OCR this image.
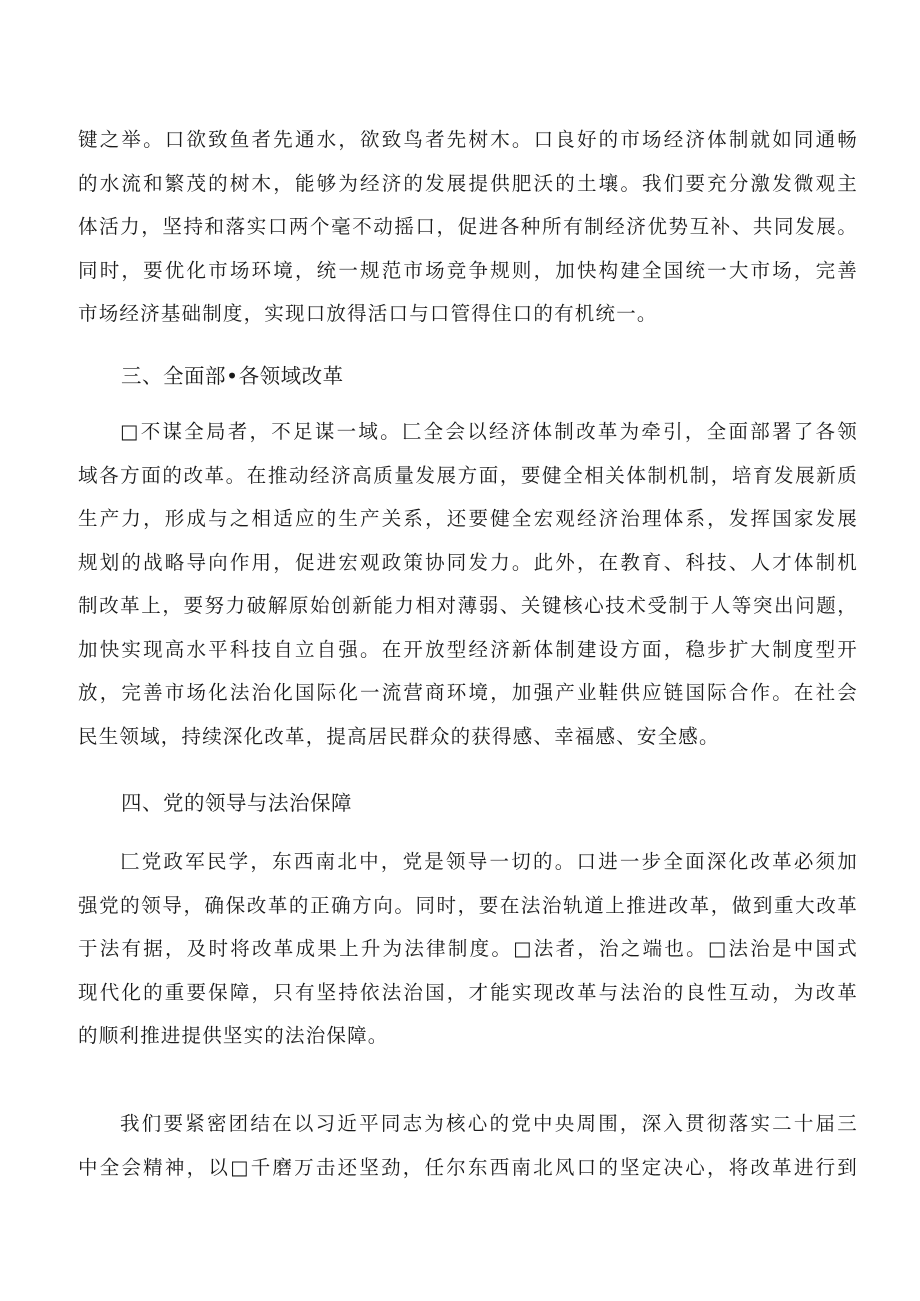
键之举。口欲致鱼者先通水，欲致鸟者先树木。口良好的市场经济体制就如同通畅
的水流和繁茂的树木，能够为经济的发展提供肥沃的土壤。我们要充分激发微观主
体活力，坚持和落实口两个毫不动摇口，促进各种所有制经济优势互补、共同发展。
同时，要优化市场环境，统一规范市场竞争规则，加快构建全国统一大市场，完善
市场经济基础制度，实现口放得活口与口管得住口的有机统一。
三、全面部•各领域改革
□不谋全局者，不足谋一域。匚全会以经济体制改革为牵引，全面部署了各领
域各方面的改革。在推动经济高质量发展方面，要健全相关体制机制，培育发展新质
生产力，形成与之相适应的生产关系，还要健全宏观经济治理体系，发挥国家发展
规划的战略导向作用，促进宏观政策协同发力。此外，在教育、科技、人才体制机
制改革上，要努力破解原始创新能力相对薄弱、关键核心技术受制于人等突出问题，
加快实现高水平科技自立自强。在开放型经济新体制建设方面，稳步扩大制度型开
放，完善市场化法治化国际化一流营商环境，加强产业鞋供应链国际合作。在社会
民生领域，持续深化改革，提高居民群众的获得感、幸福感、安全感。
四、党的领导与法治保障
匚党政军民学，东西南北中，党是领导一切的。口进一步全面深化改革必须加
强党的领导，确保改革的正确方向。同时，要在法治轨道上推进改革，做到重大改革
于法有据，及时将改革成果上升为法律制度。□法者，治之端也。□法治是中国式
现代化的重要保障，只有坚持依法治国，才能实现改革与法治的良性互动，为改革
的顺利推进提供坚实的法治保障。
我们要紧密团结在以习近平同志为核心的党中央周围，深入贯彻落实二十届三
中全会精神，以□千磨万击还坚劲，任尔东西南北风口的坚定决心，将改革进行到
